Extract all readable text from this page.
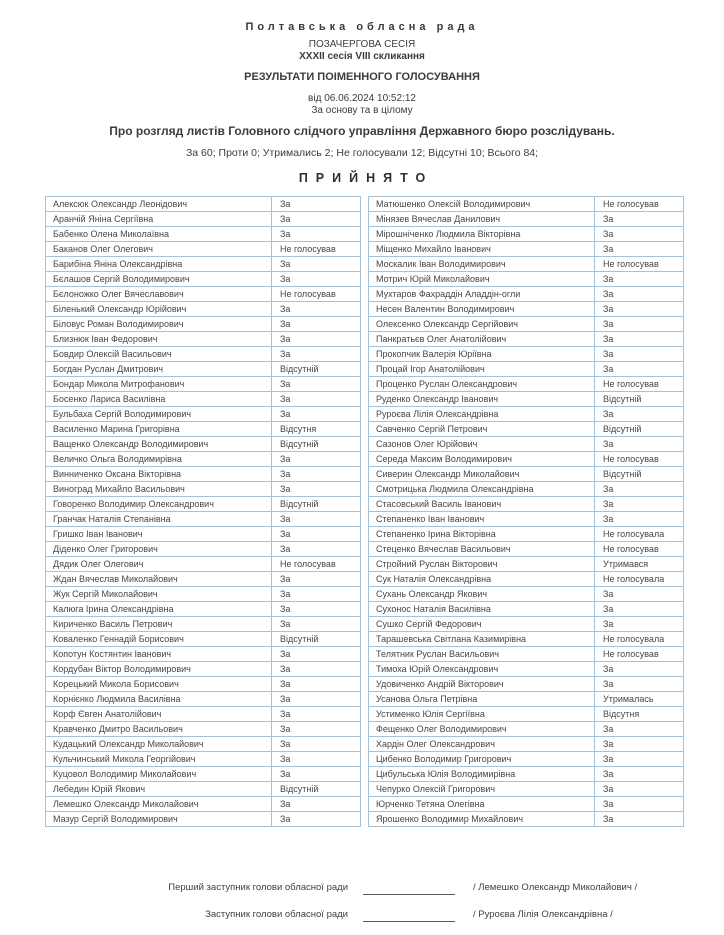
Полтавська обласна рада
ПОЗАЧЕРГОВА СЕСІЯ
XXXII сесія VIII скликання
РЕЗУЛЬТАТИ ПОІМЕННОГО ГОЛОСУВАННЯ
від 06.06.2024 10:52:12
За основу та в цілому
Про розгляд листів Головного слідчого управління Державного бюро розслідувань.
За 60; Проти 0; Утримались 2; Не голосували 12; Відсутні 10; Всього 84;
ПРИЙНЯТО
Алексюк Олександр Леонідович	За
Аранчій Яніна Сергіївна	За
Бабенко Олена Миколаївна	За
Баканов Олег Олегович	Не голосував
Барибіна Яніна Олександрівна	За
Бєлашов Сергій Володимирович	За
Бєлоножко Олег Вячеславович	Не голосував
Біленький Олександр Юрійович	За
Біловус Роман Володимирович	За
Близнюк Іван Федорович	За
Бовдир Олексій Васильович	За
Богдан Руслан Дмитрович	Відсутній
Бондар Микола Митрофанович	За
Босенко Лариса Василівна	За
Бульбаха Сергій Володимирович	За
Василенко Марина Григорівна	Відсутня
Ващенко Олександр Володимирович	Відсутній
Величко Ольга Володимирівна	За
Винниченко Оксана Вікторівна	За
Виноград Михайло Васильович	За
Говоренко Володимир Олександрович	Відсутній
Гранчак Наталія Степанівна	За
Гришко Іван Іванович	За
Діденко Олег Григорович	За
Дядик Олег Олегович	Не голосував
Ждан Вячеслав Миколайович	За
Жук Сергій Миколайович	За
Калюга Ірина Олександрівна	За
Кириченко Василь Петрович	За
Коваленко Геннадій Борисович	Відсутній
Копотун Костянтин Іванович	За
Кордубан Віктор Володимирович	За
Корецький Микола Борисович	За
Корнієнко Людмила Василівна	За
Корф Євген Анатолійович	За
Кравченко Дмитро Васильович	За
Кудацький Олександр Миколайович	За
Кульчинський Микола Георгійович	За
Куцовол Володимир Миколайович	За
Лебедин Юрій Якович	Відсутній
Лемешко Олександр Миколайович	За
Мазур Сергій Володимирович	За
Матюшенко Олексій Володимирович	Не голосував
Мінязев Вячеслав Данилович	За
Мірошніченко Людмила Вікторівна	За
Міщенко Михайло Іванович	За
Москалик Іван Володимирович	Не голосував
Мотрич Юрій Миколайович	За
Мухтаров Фахраддін Аладдін-огли	За
Несен Валентин Володимирович	За
Олексенко Олександр Сергійович	За
Панкратьєв Олег Анатолійович	За
Прокопчик Валерія Юріївна	За
Процай Ігор Анатолійович	За
Проценко Руслан Олександрович	Не голосував
Руденко Олександр Іванович	Відсутній
Руроєва Лілія Олександрівна	За
Савченко Сергій Петрович	Відсутній
Сазонов Олег Юрійович	За
Середа Максим Володимирович	Не голосував
Сиверин Олександр Миколайович	Відсутній
Смотрицька Людмила Олександрівна	За
Стасовський Василь Іванович	За
Степаненко Іван Іванович	За
Степаненко Ірина Вікторівна	Не голосувала
Стеценко Вячеслав Васильович	Не голосував
Стройний Руслан Вікторович	Утримався
Сук Наталія Олександрівна	Не голосувала
Сухань Олександр Якович	За
Сухонос Наталія Василівна	За
Сушко Сергій Федорович	За
Тарашевська Світлана Казимирівна	Не голосувала
Телятник Руслан Васильович	Не голосував
Тимоха Юрій Олександрович	За
Удовиченко Андрій Вікторович	За
Усанова Ольга Петрівна	Утрималась
Устименко Юлія Сергіївна	Відсутня
Фещенко Олег Володимирович	За
Хардін Олег Олександрович	За
Цибенко Володимир Григорович	За
Цибульська Юлія Володимирівна	За
Чепурко Олексій Григорович	За
Юрченко Тетяна Олегівна	За
Ярошенко Володимир Михайлович	За
Перший заступник голови обласної ради	/ Лемешко Олександр Миколайович /
Заступник голови обласної ради	/ Руроєва Лілія Олександрівна /
